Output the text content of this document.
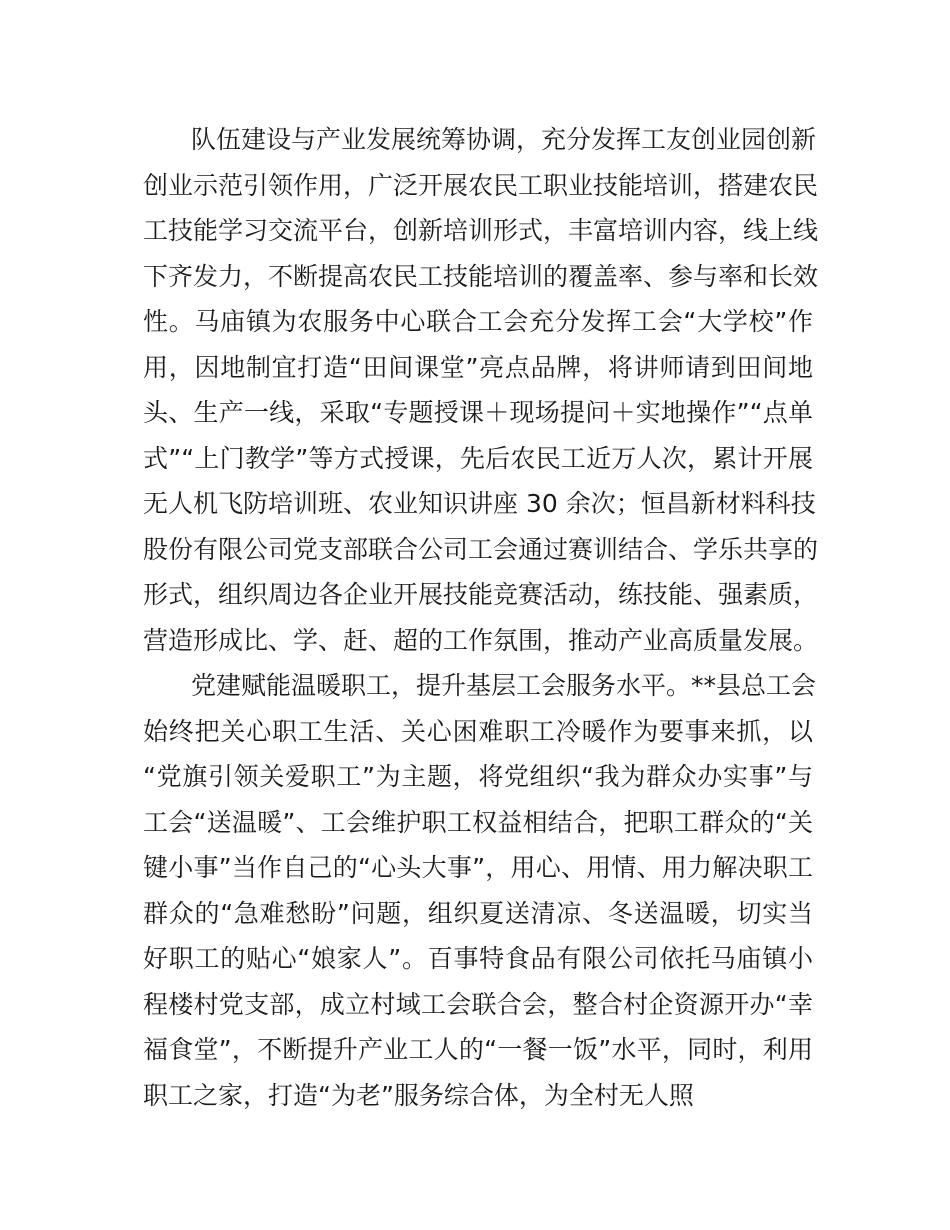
队伍建设与产业发展统筹协调，充分发挥工友创业园创新
创业示范引领作用，广泛开展农民工职业技能培训，搭建农民
工技能学习交流平台，创新培训形式，丰富培训内容，线上线
下齐发力，不断提高农民工技能培训的覆盖率、参与率和长效
性。马庙镇为农服务中心联合工会充分发挥工会“大学校”作
用，因地制宜打造“田间课堂”亮点品牌，将讲师请到田间地
头、生产一线，采取“专题授课＋现场提问＋实地操作”“点单
式”“上门教学”等方式授课，先后农民工近万人次，累计开展
无人机飞防培训班、农业知识讲座 30 余次；恒昌新材料科技
股份有限公司党支部联合公司工会通过赛训结合、学乐共享的
形式，组织周边各企业开展技能竞赛活动，练技能、强素质，
营造形成比、学、赶、超的工作氛围，推动产业高质量发展。
党建赋能温暖职工，提升基层工会服务水平。**县总工会
始终把关心职工生活、关心困难职工冷暖作为要事来抓，以
“党旗引领关爱职工”为主题，将党组织“我为群众办实事”与
工会“送温暖”、工会维护职工权益相结合，把职工群众的“关
键小事”当作自己的“心头大事”，用心、用情、用力解决职工
群众的“急难愁盼”问题，组织夏送清凉、冬送温暖，切实当
好职工的贴心“娘家人”。百事特食品有限公司依托马庙镇小
程楼村党支部，成立村域工会联合会，整合村企资源开办“幸
福食堂”，不断提升产业工人的“一餐一饭”水平，同时，利用
职工之家，打造“为老”服务综合体，为全村无人照
